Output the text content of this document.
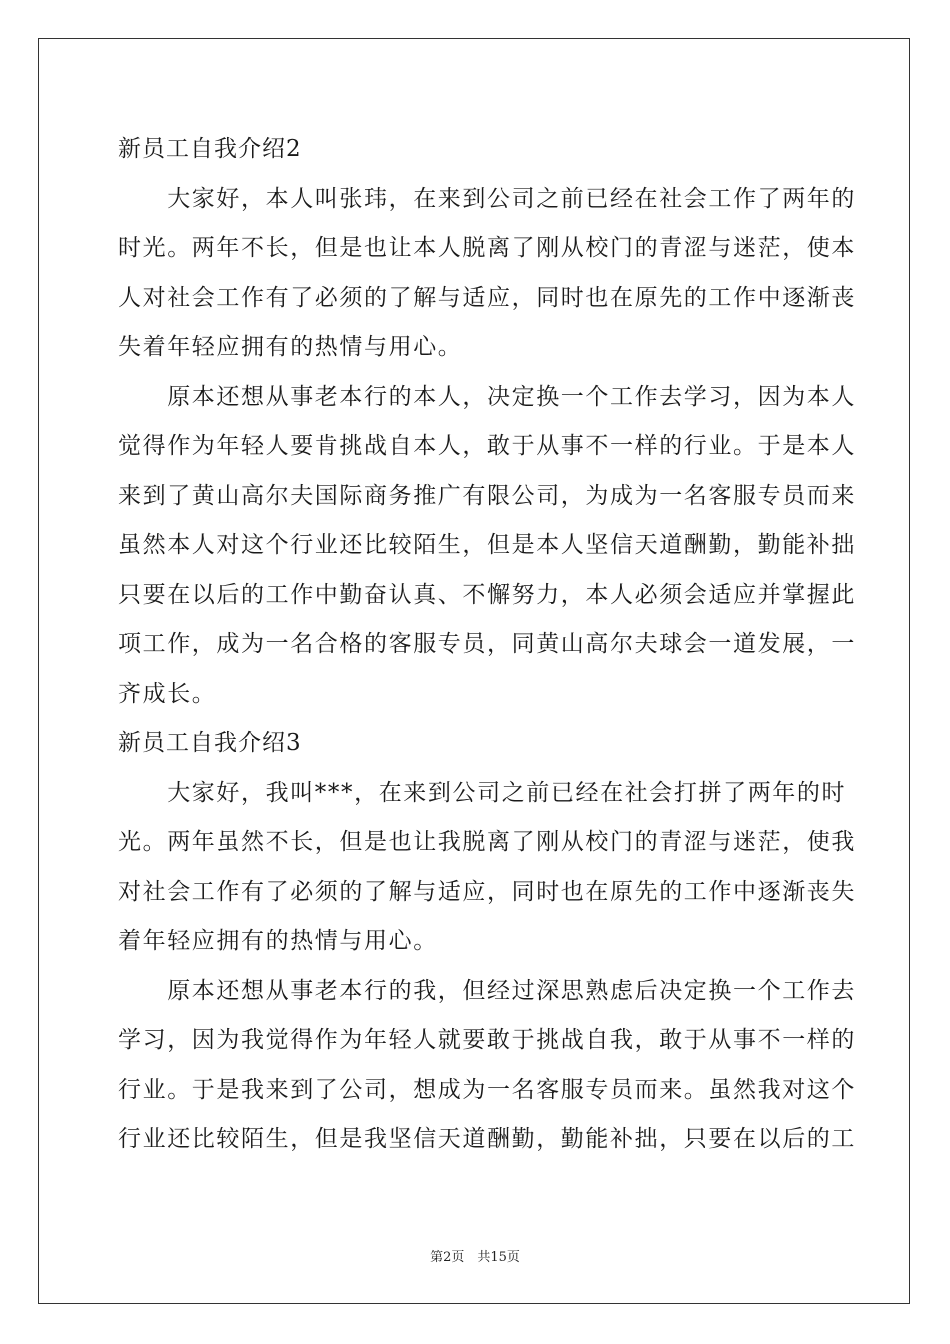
新员工自我介绍2
　　大家好，本人叫张玮，在来到公司之前已经在社会工作了两年的
时光。两年不长，但是也让本人脱离了刚从校门的青涩与迷茫，使本
人对社会工作有了必须的了解与适应，同时也在原先的工作中逐渐丧
失着年轻应拥有的热情与用心。
　　原本还想从事老本行的本人，决定换一个工作去学习，因为本人
觉得作为年轻人要肯挑战自本人，敢于从事不一样的行业。于是本人
来到了黄山高尔夫国际商务推广有限公司，为成为一名客服专员而来
虽然本人对这个行业还比较陌生，但是本人坚信天道酬勤，勤能补拙
只要在以后的工作中勤奋认真、不懈努力，本人必须会适应并掌握此
项工作，成为一名合格的客服专员，同黄山高尔夫球会一道发展，一
齐成长。
新员工自我介绍3
　　大家好，我叫***，在来到公司之前已经在社会打拼了两年的时
光。两年虽然不长，但是也让我脱离了刚从校门的青涩与迷茫，使我
对社会工作有了必须的了解与适应，同时也在原先的工作中逐渐丧失
着年轻应拥有的热情与用心。
　　原本还想从事老本行的我，但经过深思熟虑后决定换一个工作去
学习，因为我觉得作为年轻人就要敢于挑战自我，敢于从事不一样的
行业。于是我来到了公司，想成为一名客服专员而来。虽然我对这个
行业还比较陌生，但是我坚信天道酬勤，勤能补拙，只要在以后的工
第2页　共15页
